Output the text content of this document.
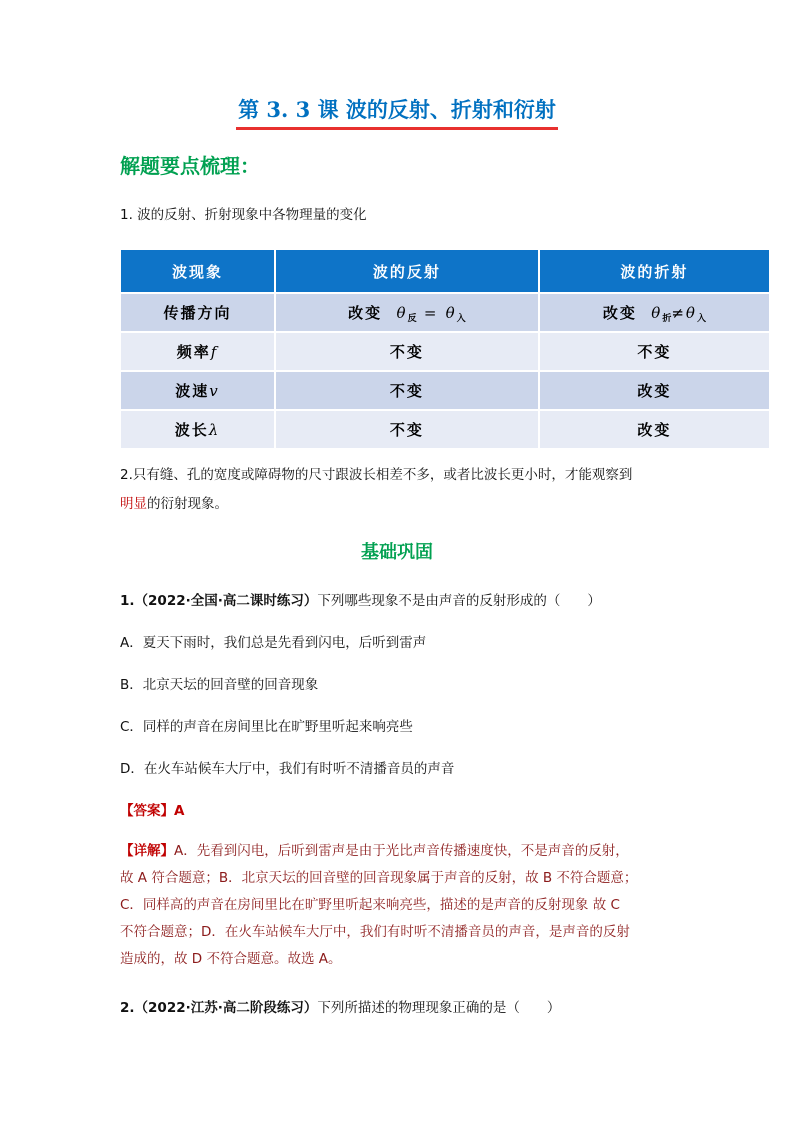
第 3. 3 课 波的反射、折射和衍射
解题要点梳理：

1. 波的反射、折射现象中各物理量的变化

波现象	波的反射	波的折射
传播方向	改变 $\theta_反 = \theta_入$	改变 $\theta_折\ne\theta_入$
频率f	不变	不变
波速v	不变	改变
波长λ	不变	改变

2.只有缝、孔的宽度或障碍物的尺寸跟波长相差不多，或者比波长更小时，才能观察到

明显的衍射现象。

基础巩固

1.（2022·全国·高二课时练习）下列哪些现象不是由声音的反射形成的（　　）

A．夏天下雨时，我们总是先看到闪电，后听到雷声

B．北京天坛的回音壁的回音现象

C．同样的声音在房间里比在旷野里听起来响亮些

D．在火车站候车大厅中，我们有时听不清播音员的声音

【答案】A

【详解】A．先看到闪电，后听到雷声是由于光比声音传播速度快，不是声音的反射，
故 A 符合题意；B．北京天坛的回音壁的回音现象属于声音的反射，故 B 不符合题意；
C．同样高的声音在房间里比在旷野里听起来响亮些，描述的是声音的反射现象 故 C
不符合题意；D．在火车站候车大厅中，我们有时听不清播音员的声音，是声音的反射
造成的，故 D 不符合题意。故选 A。

2.（2022·江苏·高二阶段练习）下列所描述的物理现象正确的是（　　）
